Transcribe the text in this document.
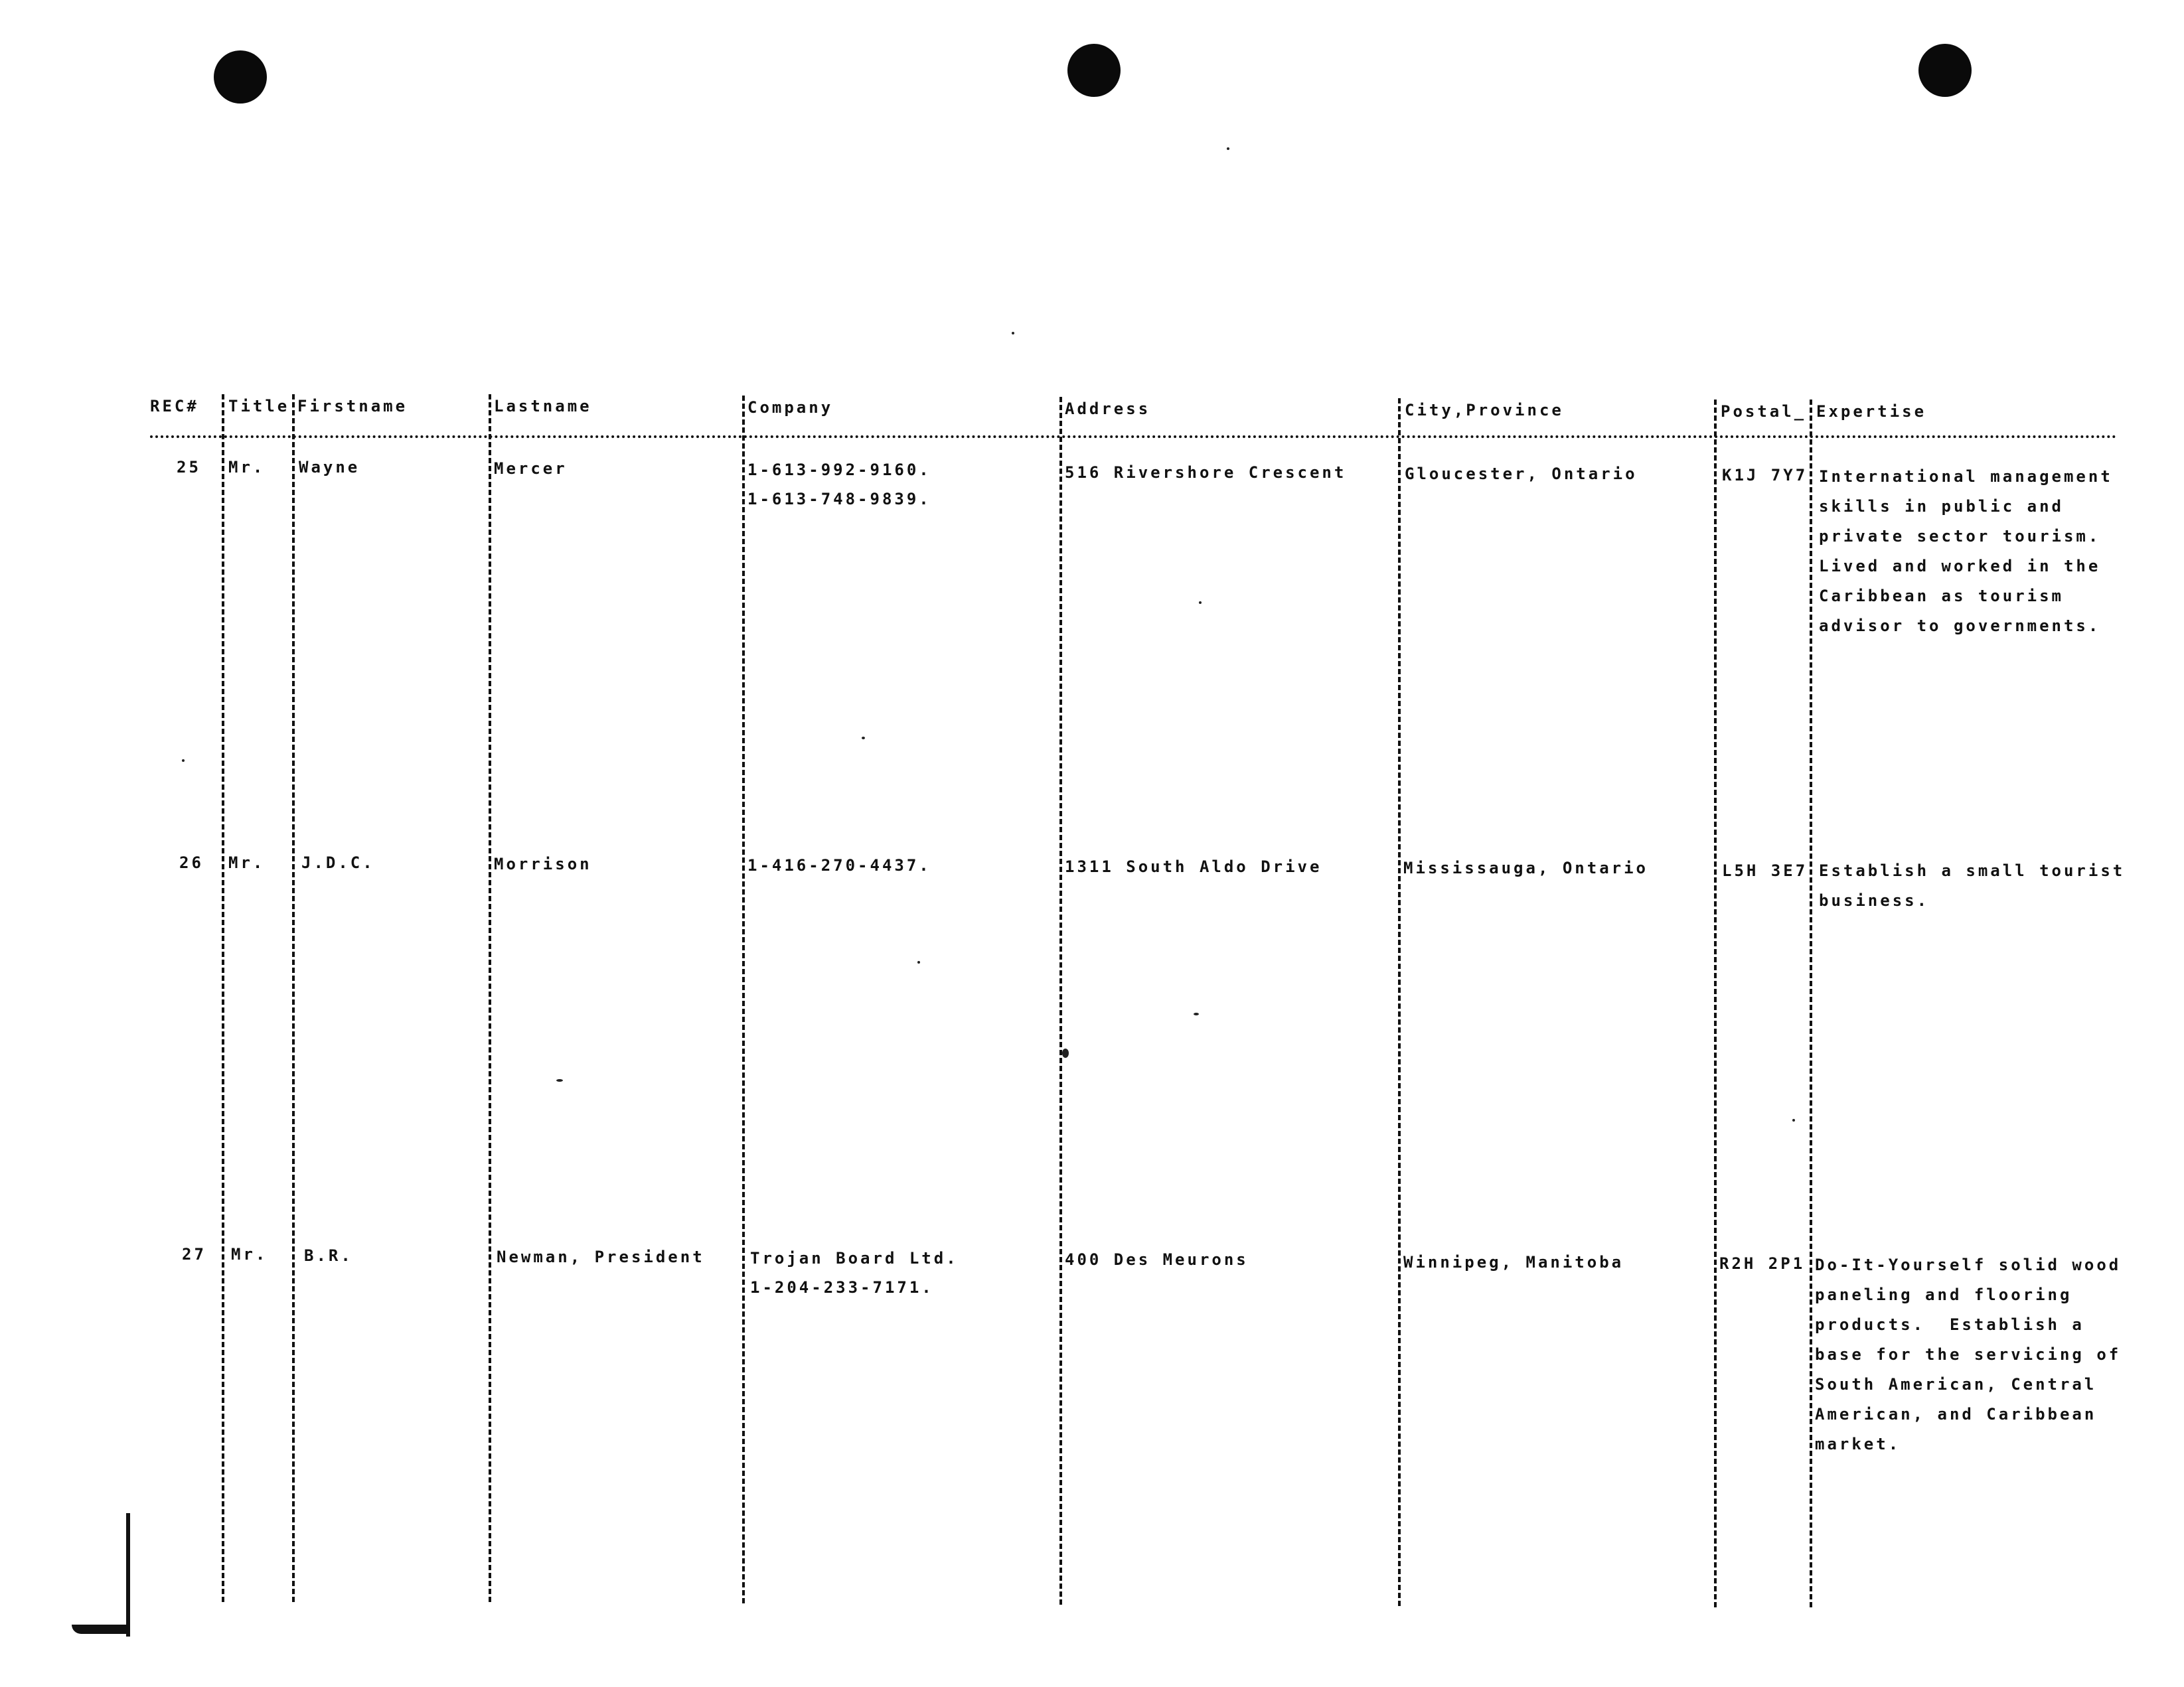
REC# Title Firstname	Lastname	Company	Address	City,Province	Postal_ Expertise
25 Mr. Wayne	Mercer	1-613-992-9160.
1-613-748-9839.
516 Rivershore Crescent	Gloucester, Ontario	K1J 7Y7 International management
skills in public and
private sector tourism.
Lived and worked in the
Caribbean as tourism
advisor to governments.
26 Mr. J.D.C.	Morrison	1-416-270-4437.	1311 South Aldo Drive	Mississauga, Ontario	L5H 3E7 Establish a small tourist
business.
27 Mr. B.R.	Newman, President	Trojan Board Ltd.
1-204-233-7171.
400 Des Meurons	Winnipeg, Manitoba	R2H 2P1 Do-It-Yourself solid wood
paneling and flooring
products.  Establish a
base for the servicing of
South American, Central
American, and Caribbean
market.
